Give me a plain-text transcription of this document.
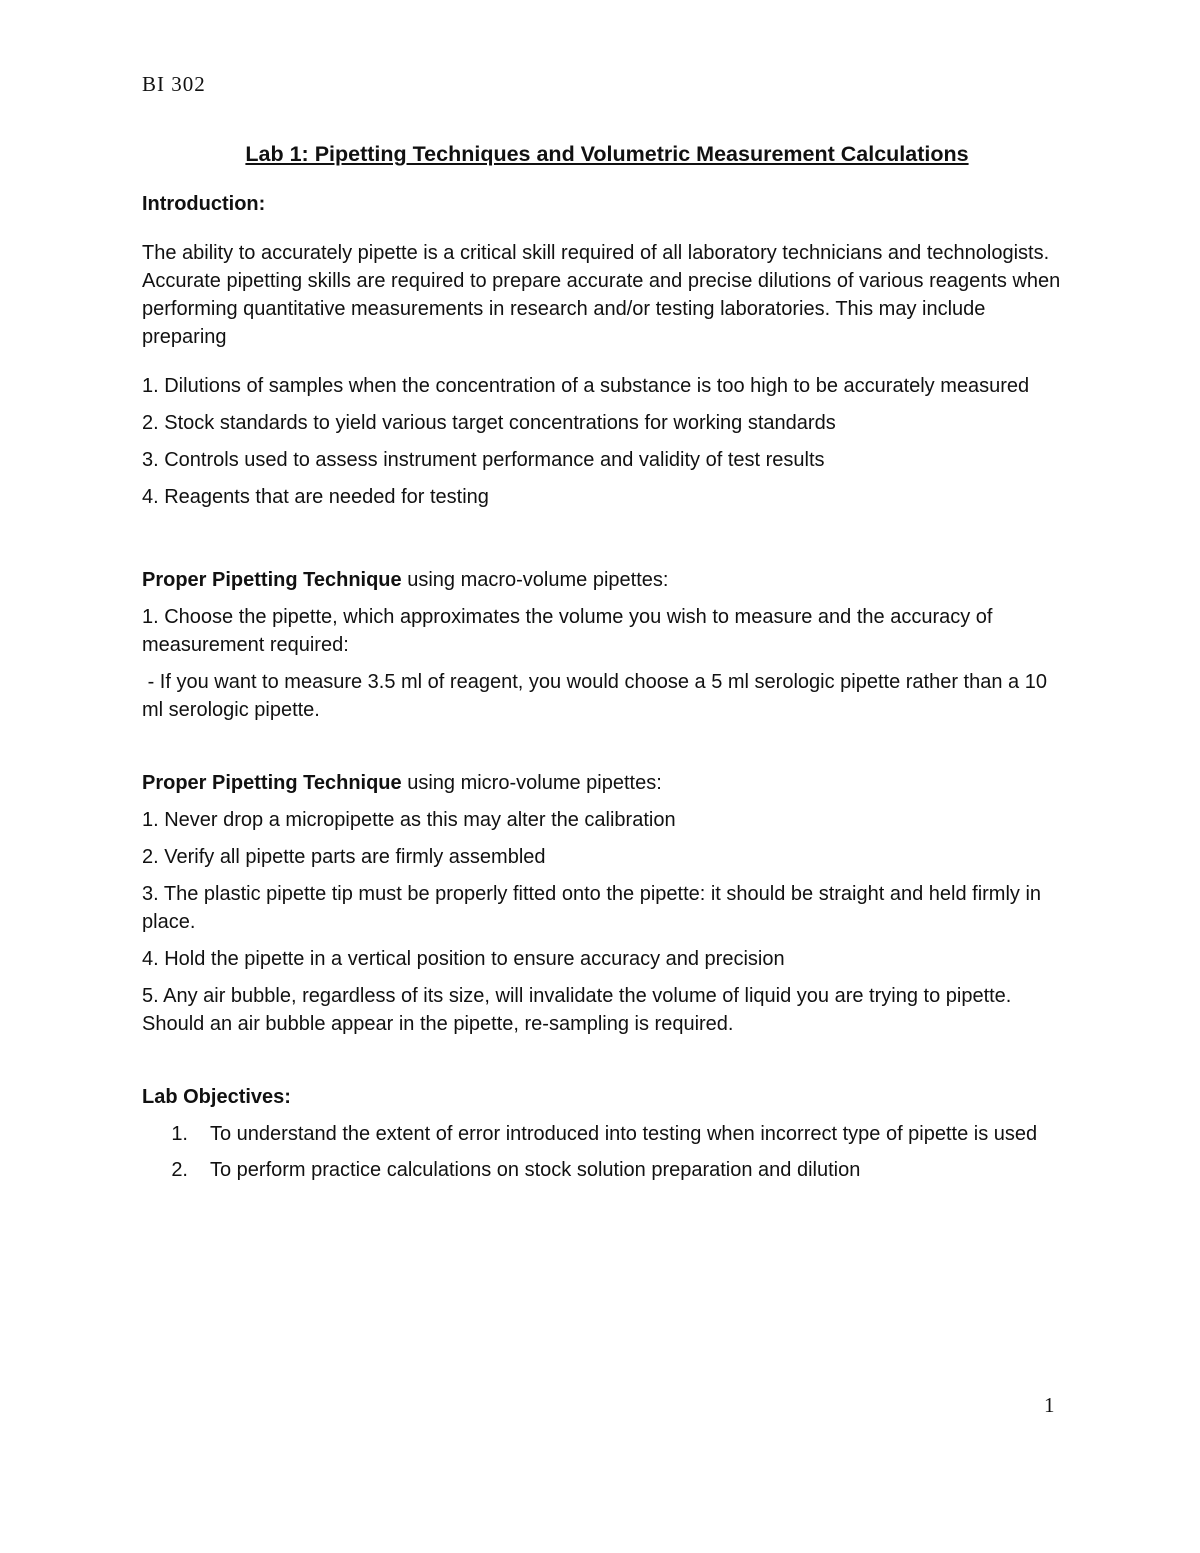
BI 302
Lab 1: Pipetting Techniques and Volumetric Measurement Calculations
Introduction:
The ability to accurately pipette is a critical skill required of all laboratory technicians and technologists. Accurate pipetting skills are required to prepare accurate and precise dilutions of various reagents when performing quantitative measurements in research and/or testing laboratories. This may include preparing
1. Dilutions of samples when the concentration of a substance is too high to be accurately measured
2. Stock standards to yield various target concentrations for working standards
3. Controls used to assess instrument performance and validity of test results
4. Reagents that are needed for testing
Proper Pipetting Technique using macro-volume pipettes:
1. Choose the pipette, which approximates the volume you wish to measure and the accuracy of measurement required:
- If you want to measure 3.5 ml of reagent, you would choose a 5 ml serologic pipette rather than a 10 ml serologic pipette.
Proper Pipetting Technique using micro-volume pipettes:
1. Never drop a micropipette as this may alter the calibration
2. Verify all pipette parts are firmly assembled
3. The plastic pipette tip must be properly fitted onto the pipette: it should be straight and held firmly in place.
4. Hold the pipette in a vertical position to ensure accuracy and precision
5. Any air bubble, regardless of its size, will invalidate the volume of liquid you are trying to pipette. Should an air bubble appear in the pipette, re-sampling is required.
Lab Objectives:
1.	To understand the extent of error introduced into testing when incorrect type of pipette is used
2.	To perform practice calculations on stock solution preparation and dilution
1
